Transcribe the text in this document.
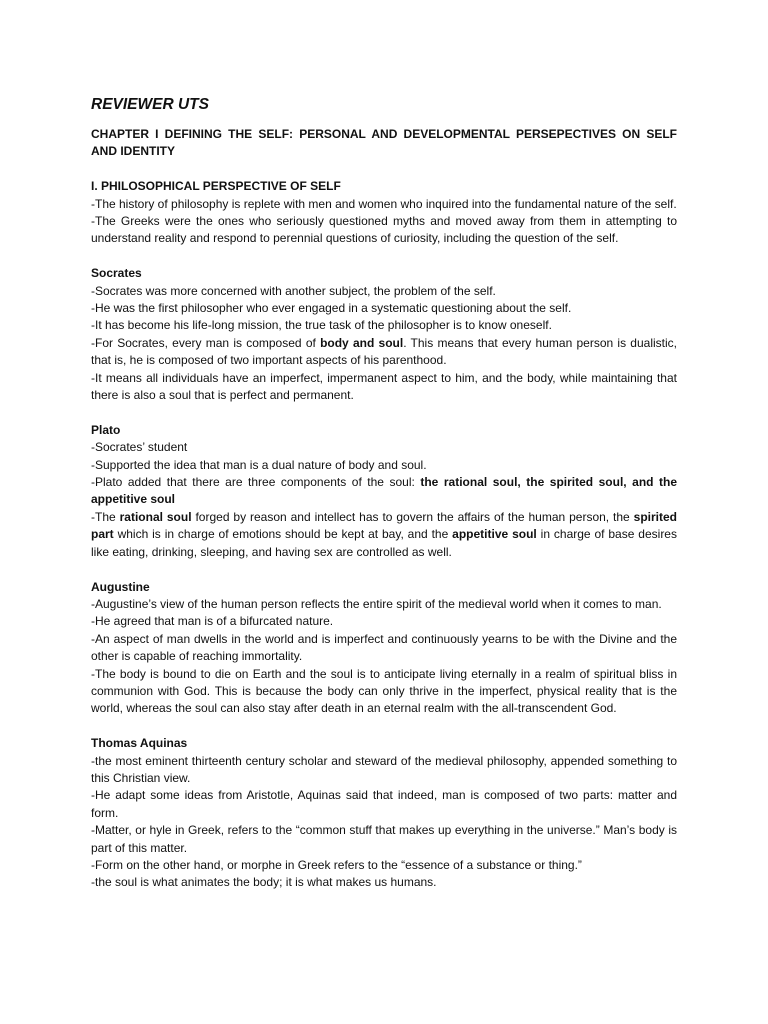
REVIEWER UTS
CHAPTER I DEFINING THE SELF: PERSONAL AND DEVELOPMENTAL PERSEPECTIVES ON SELF AND IDENTITY
I. PHILOSOPHICAL PERSPECTIVE OF SELF

-The history of philosophy is replete with men and women who inquired into the fundamental nature of the self.

-The Greeks were the ones who seriously questioned myths and moved away from them in attempting to understand reality and respond to perennial questions of curiosity, including the question of the self.

Socrates

-Socrates was more concerned with another subject, the problem of the self.

-He was the first philosopher who ever engaged in a systematic questioning about the self.

-It has become his life-long mission, the true task of the philosopher is to know oneself.

-For Socrates, every man is composed of body and soul. This means that every human person is dualistic, that is, he is composed of two important aspects of his parenthood.

-It means all individuals have an imperfect, impermanent aspect to him, and the body, while maintaining that there is also a soul that is perfect and permanent.

Plato

-Socrates’ student

-Supported the idea that man is a dual nature of body and soul.

-Plato added that there are three components of the soul: the rational soul, the spirited soul, and the appetitive soul

-The rational soul forged by reason and intellect has to govern the affairs of the human person, the spirited part which is in charge of emotions should be kept at bay, and the appetitive soul in charge of base desires like eating, drinking, sleeping, and having sex are controlled as well.

Augustine

-Augustine’s view of the human person reflects the entire spirit of the medieval world when it comes to man.

-He agreed that man is of a bifurcated nature.

-An aspect of man dwells in the world and is imperfect and continuously yearns to be with the Divine and the other is capable of reaching immortality.

-The body is bound to die on Earth and the soul is to anticipate living eternally in a realm of spiritual bliss in communion with God. This is because the body can only thrive in the imperfect, physical reality that is the world, whereas the soul can also stay after death in an eternal realm with the all-transcendent God.

Thomas Aquinas

-the most eminent thirteenth century scholar and steward of the medieval philosophy, appended something to this Christian view.

-He adapt some ideas from Aristotle, Aquinas said that indeed, man is composed of two parts: matter and form.

-Matter, or hyle in Greek, refers to the “common stuff that makes up everything in the universe.” Man’s body is part of this matter.

-Form on the other hand, or morphe in Greek refers to the “essence of a substance or thing.”

-the soul is what animates the body; it is what makes us humans.
